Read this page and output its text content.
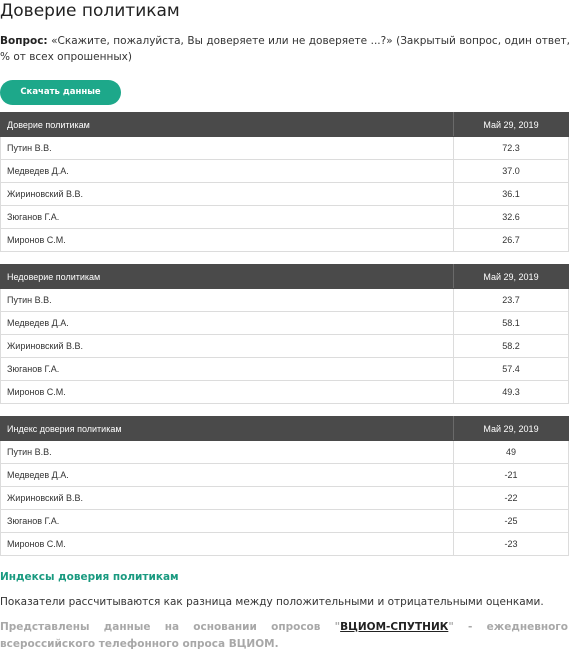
Доверие политикам
Вопрос: «Скажите, пожалуйста, Вы доверяете или не доверяете ...?» (Закрытый вопрос, один ответ, % от всех опрошенных)
Скачать данные
Доверие политикам	Май 29, 2019
Путин В.В.	72.3
Медведев Д.А.	37.0
Жириновский В.В.	36.1
Зюганов Г.А.	32.6
Миронов С.М.	26.7
Недоверие политикам	Май 29, 2019
Путин В.В.	23.7
Медведев Д.А.	58.1
Жириновский В.В.	58.2
Зюганов Г.А.	57.4
Миронов С.М.	49.3
Индекс доверия политикам	Май 29, 2019
Путин В.В.	49
Медведев Д.А.	-21
Жириновский В.В.	-22
Зюганов Г.А.	-25
Миронов С.М.	-23
Индексы доверия политикам

Показатели рассчитываются как разница между положительными и отрицательными оценками.

Представлены данные на основании опросов "ВЦИОМ-СПУТНИК" - ежедневного всероссийского телефонного опроса ВЦИОМ.
